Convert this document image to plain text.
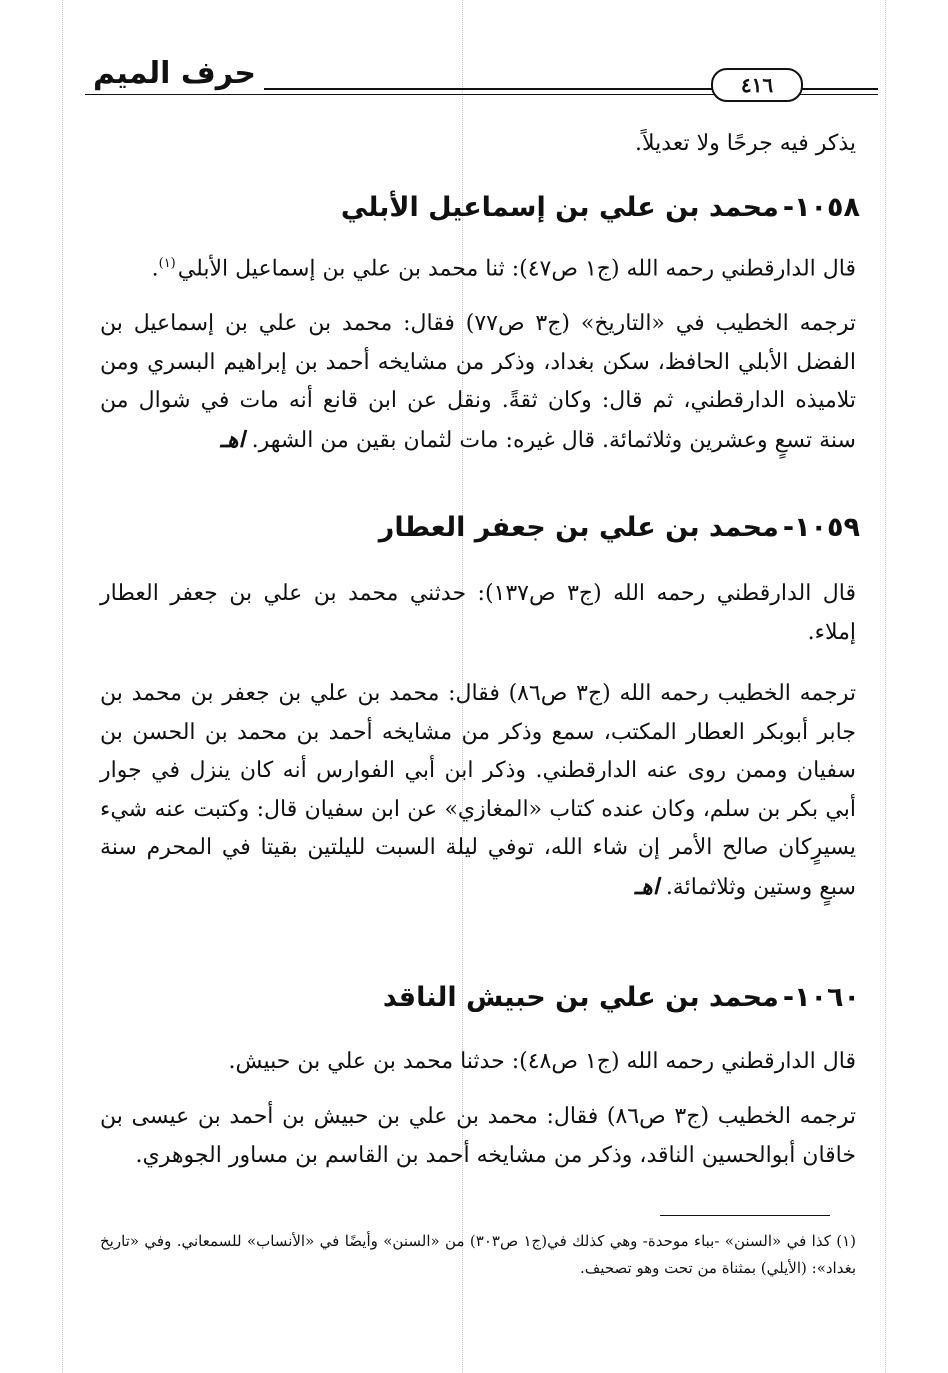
حرف الميم	٤١٦
يذكر فيه جرحًا ولا تعديلاً.
١٠٥٨-محمد بن علي بن إسماعيل الأبلي
قال الدارقطني رحمه الله (ج١ ص٤٧): ثنا محمد بن علي بن إسماعيل الأبلي$^{(١)}$.
ترجمه الخطيب في «التاريخ» (ج٣ ص٧٧) فقال: محمد بن علي بن إسماعيل بن الفضل الأبلي الحافظ، سكن بغداد، وذكر من مشايخه أحمد بن إبراهيم البسري ومن تلاميذه الدارقطني، ثم قال: وكان ثقةً. ونقل عن ابن قانع أنه مات في شوال من سنة تسعٍ وعشرين وثلاثمائة. قال غيره: مات لثمان بقين من الشهر. اهـ
١٠٥٩-محمد بن علي بن جعفر العطار
قال الدارقطني رحمه الله (ج٣ ص١٣٧): حدثني محمد بن علي بن جعفر العطار إملاء.
ترجمه الخطيب رحمه الله (ج٣ ص٨٦) فقال: محمد بن علي بن جعفر بن محمد بن جابر أبوبكر العطار المكتب، سمع وذكر من مشايخه أحمد بن محمد بن الحسن بن سفيان وممن روى عنه الدارقطني. وذكر ابن أبي الفوارس أنه كان ينزل في جوار أبي بكر بن سلم، وكان عنده كتاب «المغازي» عن ابن سفيان قال: وكتبت عنه شيء يسيرٍكان صالح الأمر إن شاء الله، توفي ليلة السبت لليلتين بقيتا في المحرم سنة سبعٍ وستين وثلاثمائة. اهـ
١٠٦٠-محمد بن علي بن حبيش الناقد
قال الدارقطني رحمه الله (ج١ ص٤٨): حدثنا محمد بن علي بن حبيش.
ترجمه الخطيب (ج٣ ص٨٦) فقال: محمد بن علي بن حبيش بن أحمد بن عيسى بن خاقان أبوالحسين الناقد، وذكر من مشايخه أحمد بن القاسم بن مساور الجوهري.
(١) كذا في «السنن» -بباء موحدة- وهي كذلك في(ج١ ص٣٠٣) من «السنن» وأيضًا في «الأنساب» للسمعاني. وفي «تاريخ بغداد»: (الأيلي) بمثناة من تحت وهو تصحيف.
